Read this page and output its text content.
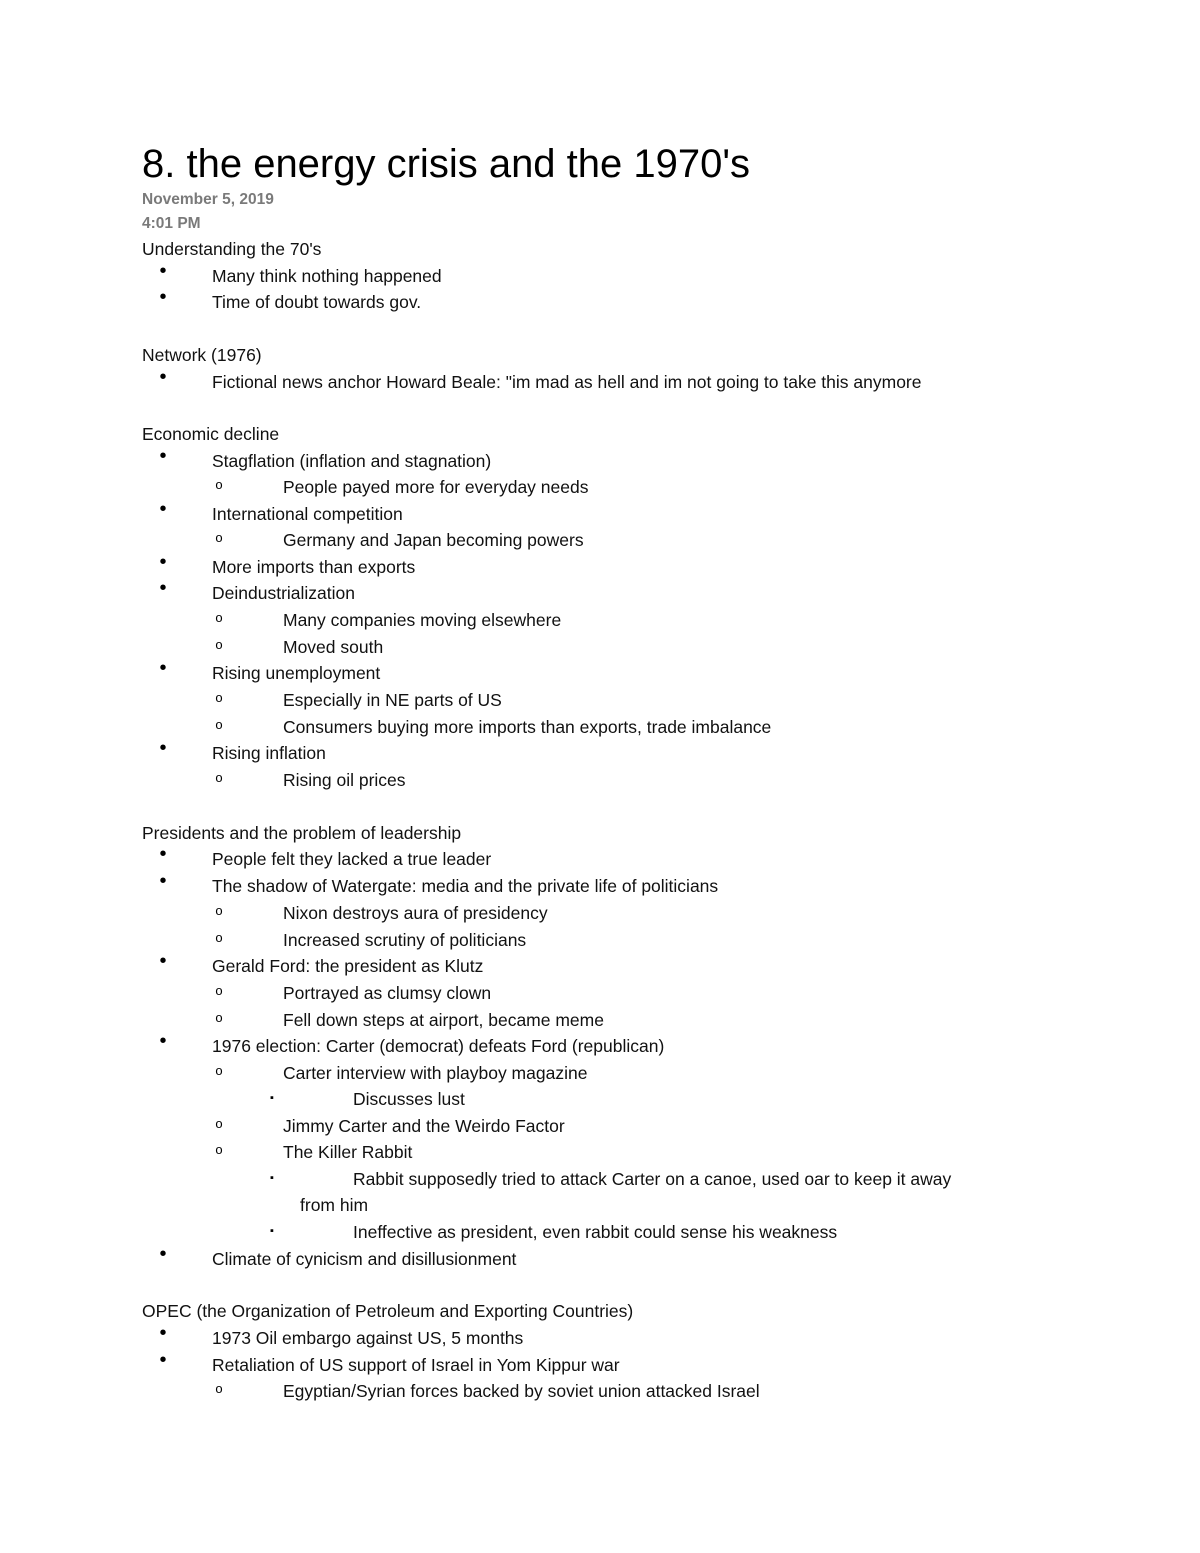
8. the energy crisis and the 1970's
November 5, 2019
4:01 PM
Understanding the 70's
Many think nothing happened
•
Time of doubt towards gov.
•
Network (1976)
Fictional news anchor Howard Beale: "im mad as hell and im not going to take this anymore
•
Economic decline
Stagflation (inflation and stagnation)
•
People payed more for everyday needs
o
International competition
•
Germany and Japan becoming powers
o
More imports than exports
•
Deindustrialization
•
Many companies moving elsewhere
o
Moved south
o
Rising unemployment
•
Especially in NE parts of US
o
Consumers buying more imports than exports, trade imbalance
o
Rising inflation
•
Rising oil prices
o
Presidents and the problem of leadership
People felt they lacked a true leader
•
The shadow of Watergate: media and the private life of politicians
•
Nixon destroys aura of presidency
o
Increased scrutiny of politicians
o
Gerald Ford: the president as Klutz
•
Portrayed as clumsy clown
o
Fell down steps at airport, became meme
o
1976 election: Carter (democrat) defeats Ford (republican)
•
Carter interview with playboy magazine
o
Discusses lust
▪
Jimmy Carter and the Weirdo Factor
o
The Killer Rabbit
o
Rabbit supposedly tried to attack Carter on a canoe, used oar to keep it away
▪
from him
Ineffective as president, even rabbit could sense his weakness
▪
Climate of cynicism and disillusionment
•
OPEC (the Organization of Petroleum and Exporting Countries)
1973 Oil embargo against US, 5 months
•
Retaliation of US support of Israel in Yom Kippur war
•
Egyptian/Syrian forces backed by soviet union attacked Israel
o
